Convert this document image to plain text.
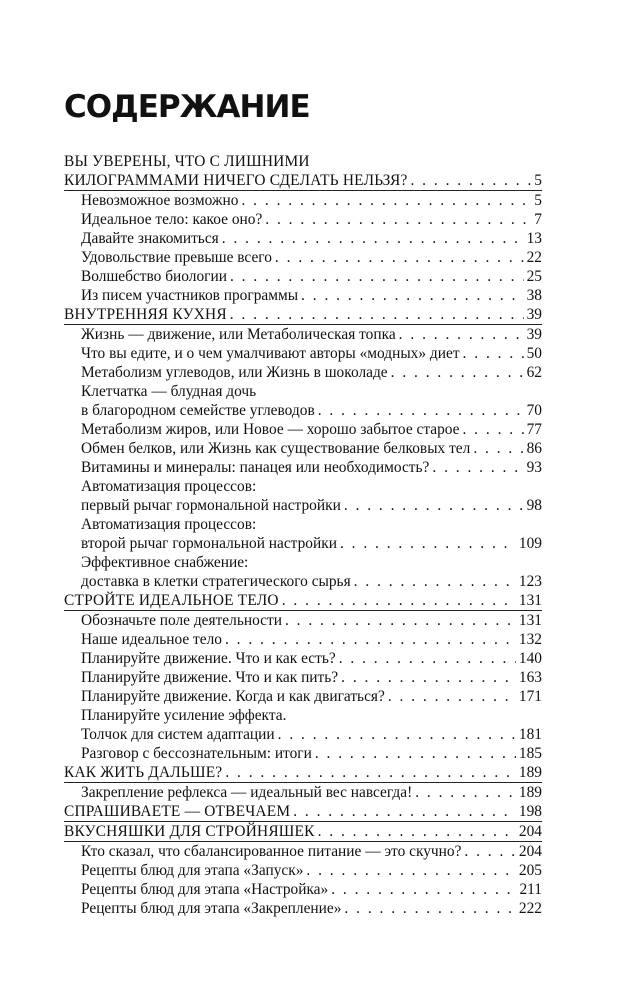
СОДЕРЖАНИЕ
ВЫ УВЕРЕНЫ, ЧТО С ЛИШНИМИ
КИЛОГРАММАМИ НИЧЕГО СДЕЛАТЬ НЕЛЬЗЯ? . . .	5
Невозможное возможно . . .	5
Идеальное тело: какое оно? . . .	7
Давайте знакомиться . . .	13
Удовольствие превыше всего . . .	22
Волшебство биологии . . .	25
Из писем участников программы . . .	38
ВНУТРЕННЯЯ КУХНЯ . . .	39
Жизнь — движение, или Метаболическая топка . . .	39
Что вы едите, и о чем умалчивают авторы «модных» диет . . .	50
Метаболизм углеводов, или Жизнь в шоколаде . . .	62
Клетчатка — блудная дочь
в благородном семействе углеводов . . .	70
Метаболизм жиров, или Новое — хорошо забытое старое . . .	77
Обмен белков, или Жизнь как существование белковых тел . . .	86
Витамины и минералы: панацея или необходимость? . . .	93
Автоматизация процессов:
первый рычаг гормональной настройки . . .	98
Автоматизация процессов:
второй рычаг гормональной настройки . . .	109
Эффективное снабжение:
доставка в клетки стратегического сырья . . .	123
СТРОЙТЕ ИДЕАЛЬНОЕ ТЕЛО . . .	131
Обозначьте поле деятельности . . .	131
Наше идеальное тело . . .	132
Планируйте движение. Что и как есть? . . .	140
Планируйте движение. Что и как пить? . . .	163
Планируйте движение. Когда и как двигаться? . . .	171
Планируйте усиление эффекта.
Толчок для систем адаптации . . .	181
Разговор с бессознательным: итоги . . .	185
КАК ЖИТЬ ДАЛЬШЕ? . . .	189
Закрепление рефлекса — идеальный вес навсегда! . . .	189
СПРАШИВАЕТЕ — ОТВЕЧАЕМ . . .	198
ВКУСНЯШКИ ДЛЯ СТРОЙНЯШЕК . . .	204
Кто сказал, что сбалансированное питание — это скучно? . . .	204
Рецепты блюд для этапа «Запуск» . . .	205
Рецепты блюд для этапа «Настройка» . . .	211
Рецепты блюд для этапа «Закрепление» . . .	222
